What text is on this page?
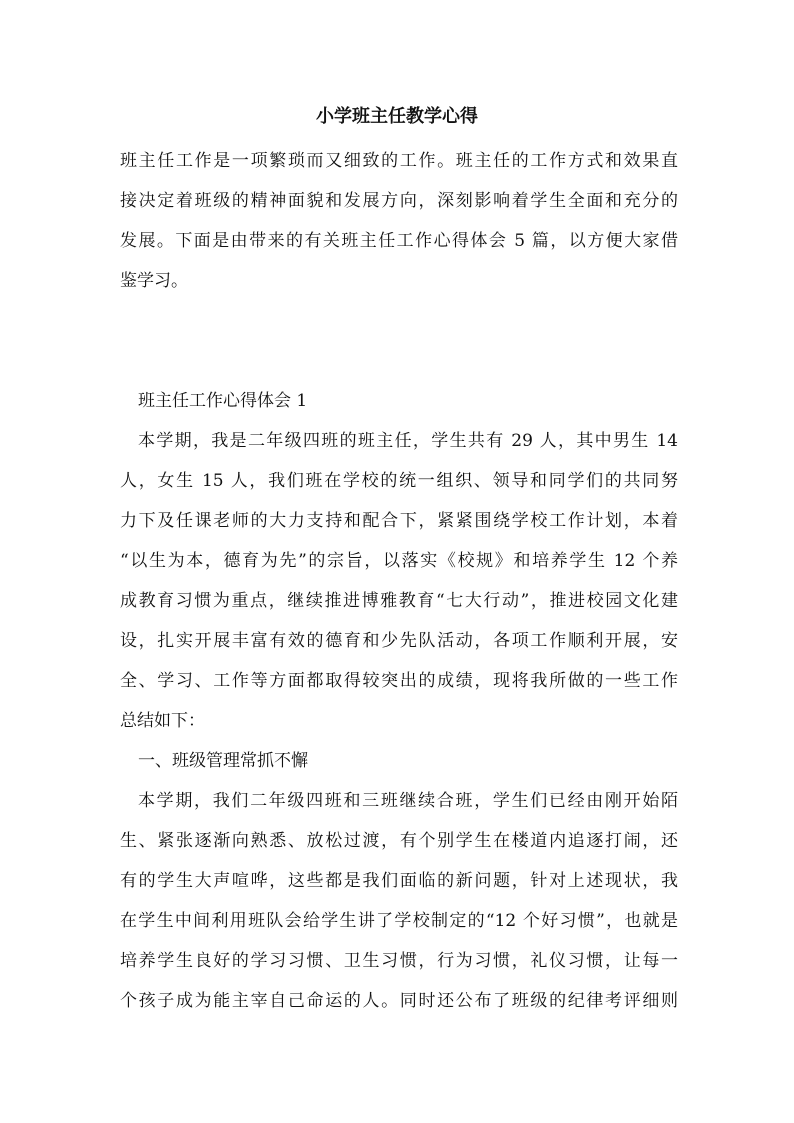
小学班主任教学心得
班主任工作是一项繁琐而又细致的工作。班主任的工作方式和效果直
接决定着班级的精神面貌和发展方向，深刻影响着学生全面和充分的
发展。下面是由带来的有关班主任工作心得体会 5 篇，以方便大家借
鉴学习。
班主任工作心得体会 1
本学期，我是二年级四班的班主任，学生共有 29 人，其中男生 14
人，女生 15 人，我们班在学校的统一组织、领导和同学们的共同努
力下及任课老师的大力支持和配合下，紧紧围绕学校工作计划，本着
“以生为本，德育为先”的宗旨，以落实《校规》和培养学生 12 个养
成教育习惯为重点，继续推进博雅教育“七大行动”，推进校园文化建
设，扎实开展丰富有效的德育和少先队活动，各项工作顺利开展，安
全、学习、工作等方面都取得较突出的成绩，现将我所做的一些工作
总结如下：
一、班级管理常抓不懈
本学期，我们二年级四班和三班继续合班，学生们已经由刚开始陌
生、紧张逐渐向熟悉、放松过渡，有个别学生在楼道内追逐打闹，还
有的学生大声喧哗，这些都是我们面临的新问题，针对上述现状，我
在学生中间利用班队会给学生讲了学校制定的“12 个好习惯”，也就是
培养学生良好的学习习惯、卫生习惯，行为习惯，礼仪习惯，让每一
个孩子成为能主宰自己命运的人。同时还公布了班级的纪律考评细则
